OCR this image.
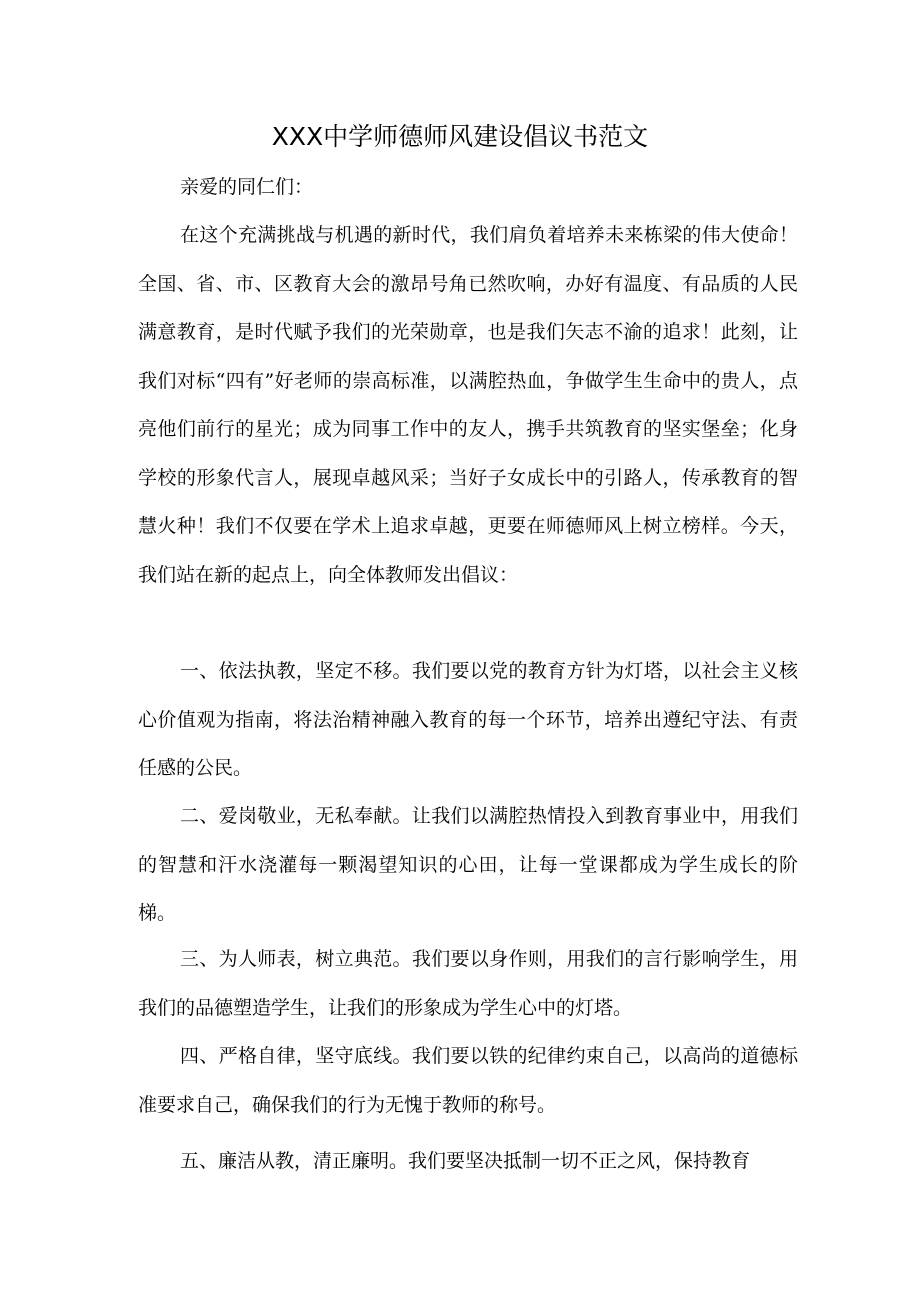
XXX中学师德师风建设倡议书范文
亲爱的同仁们：
在这个充满挑战与机遇的新时代，我们肩负着培养未来栋梁的伟大使命！全国、省、市、区教育大会的激昂号角已然吹响，办好有温度、有品质的人民满意教育，是时代赋予我们的光荣勋章，也是我们矢志不渝的追求！此刻，让我们对标“四有”好老师的崇高标准，以满腔热血，争做学生生命中的贵人，点亮他们前行的星光；成为同事工作中的友人，携手共筑教育的坚实堡垒；化身学校的形象代言人，展现卓越风采；当好子女成长中的引路人，传承教育的智慧火种！我们不仅要在学术上追求卓越，更要在师德师风上树立榜样。今天，我们站在新的起点上，向全体教师发出倡议：
一、依法执教，坚定不移。我们要以党的教育方针为灯塔，以社会主义核心价值观为指南，将法治精神融入教育的每一个环节，培养出遵纪守法、有责任感的公民。
二、爱岗敬业，无私奉献。让我们以满腔热情投入到教育事业中，用我们的智慧和汗水浇灌每一颗渴望知识的心田，让每一堂课都成为学生成长的阶梯。
三、为人师表，树立典范。我们要以身作则，用我们的言行影响学生，用我们的品德塑造学生，让我们的形象成为学生心中的灯塔。
四、严格自律，坚守底线。我们要以铁的纪律约束自己，以高尚的道德标准要求自己，确保我们的行为无愧于教师的称号。
五、廉洁从教，清正廉明。我们要坚决抵制一切不正之风，保持教育
